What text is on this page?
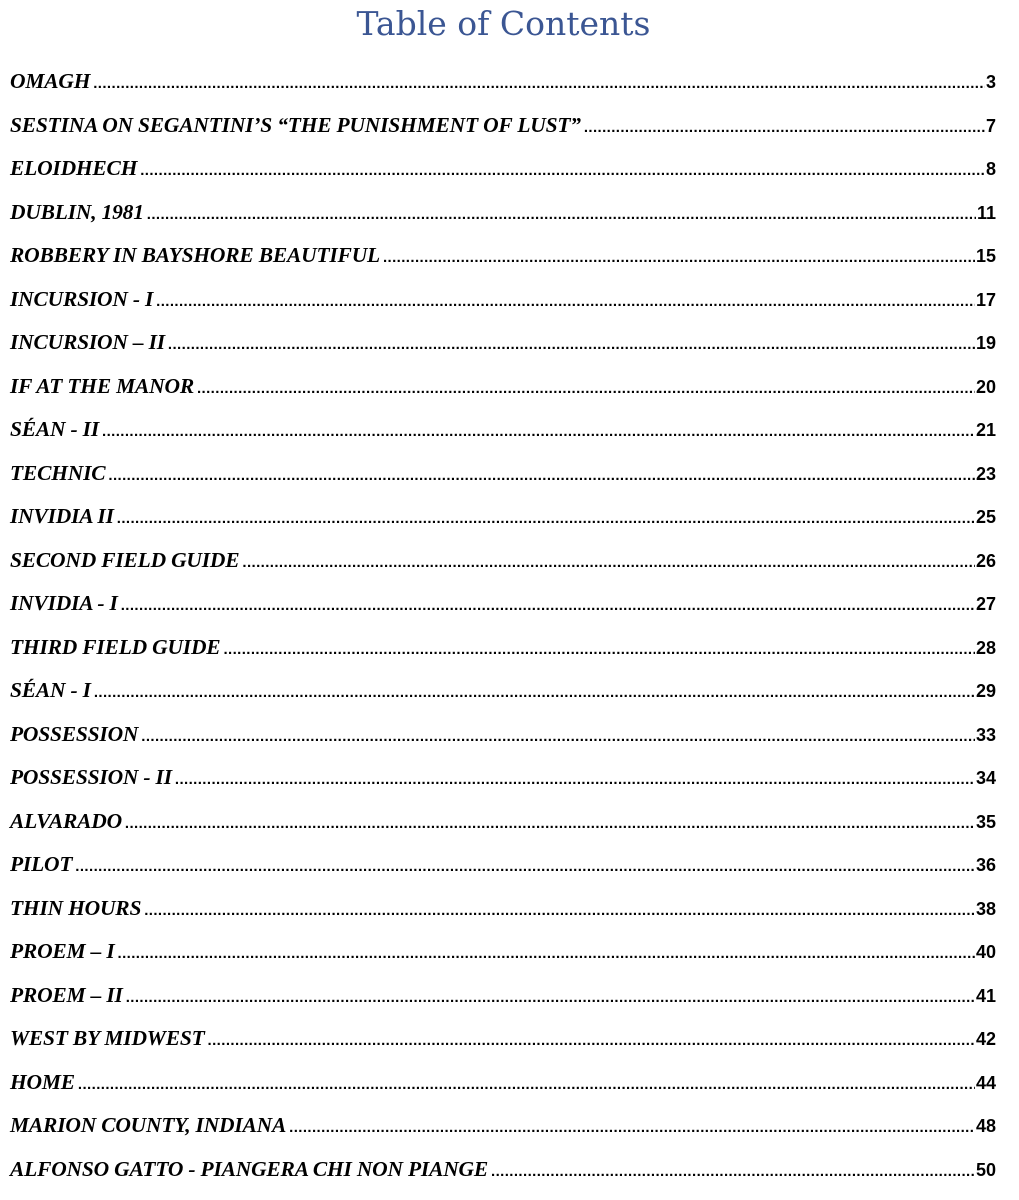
Table of Contents
OMAGH .....	3
SESTINA ON SEGANTINI’S “THE PUNISHMENT OF LUST” .....	7
ELOIDHECH .....	8
DUBLIN, 1981 .....	11
ROBBERY IN BAYSHORE BEAUTIFUL .....	15
INCURSION - I .....	17
INCURSION – II .....	19
IF AT THE MANOR .....	20
SÉAN - II .....	21
TECHNIC .....	23
INVIDIA II .....	25
SECOND FIELD GUIDE .....	26
INVIDIA - I .....	27
THIRD FIELD GUIDE .....	28
SÉAN - I .....	29
POSSESSION .....	33
POSSESSION - II .....	34
ALVARADO .....	35
PILOT .....	36
THIN HOURS .....	38
PROEM – I .....	40
PROEM – II .....	41
WEST BY MIDWEST .....	42
HOME .....	44
MARION COUNTY, INDIANA .....	48
ALFONSO GATTO - PIANGERA CHI NON PIANGE .....	50
